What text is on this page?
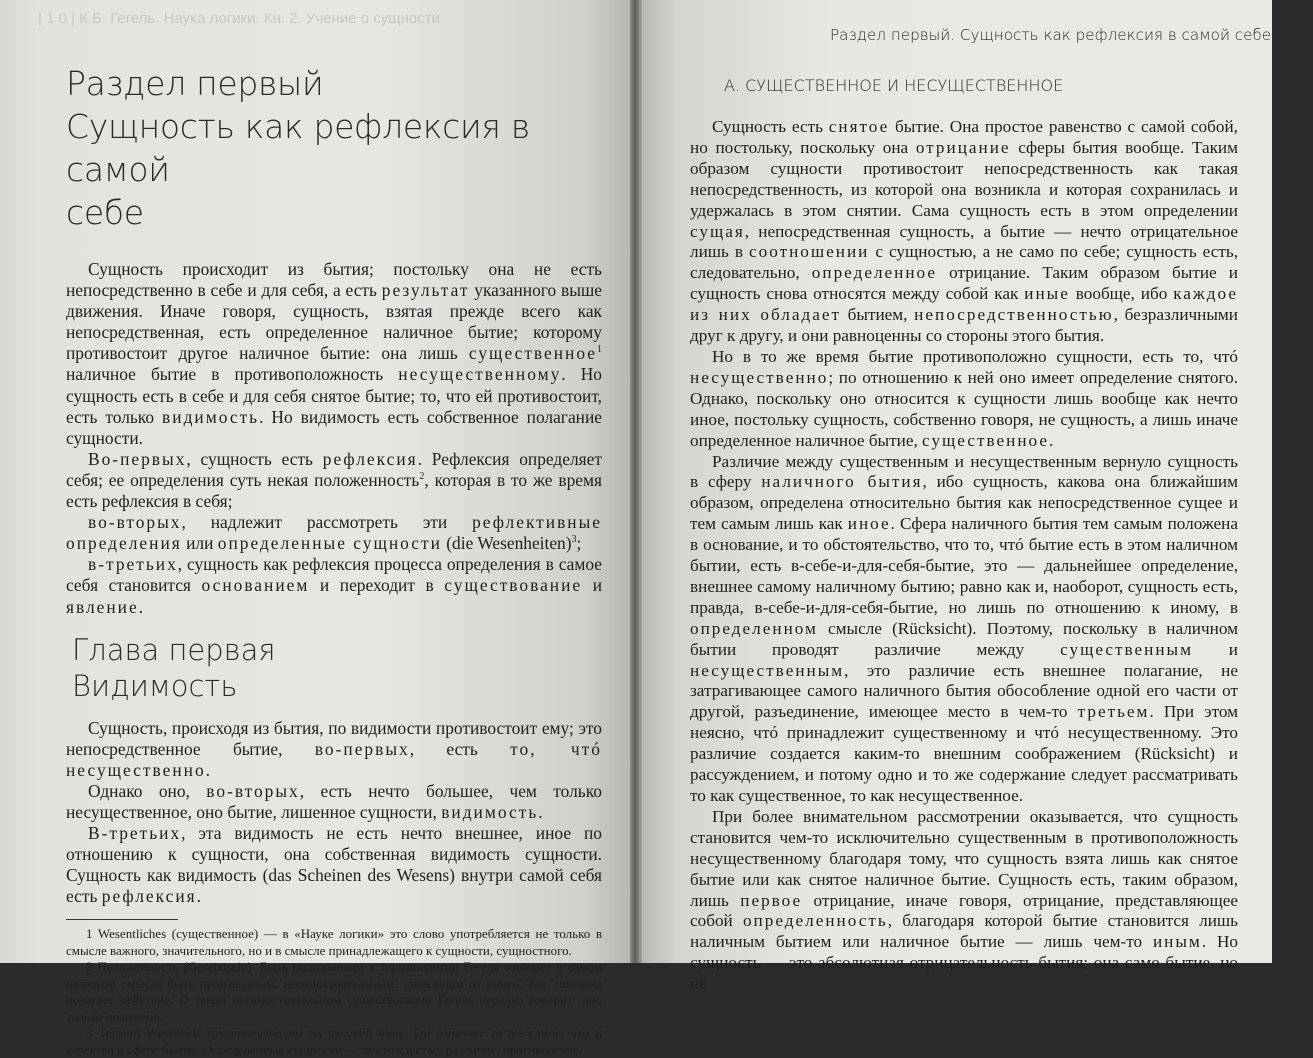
| 1 0 | К.Б. Гегель. Наука логики. Кн. 2. Учение о сущности
Раздел первый
Сущность как рефлексия в самой
себе

Сущность происходит из бытия; постольку она не есть непосредственно в себе и для себя, а есть результат указанного выше движения. Иначе говоря, сущность, взятая прежде всего как непосредственная, есть определенное наличное бытие; которому противостоит другое наличное бытие: она лишь существенное$^1$ наличное бытие в противоположность несущественному. Но сущность есть в себе и для себя снятое бытие; то, что ей противостоит, есть только видимость. Но видимость есть собственное полагание сущности.

Во-первых, сущность есть рефлексия. Рефлексия определяет себя; ее определения суть некая положенность$^2$, которая в то же время есть рефлексия в себя;

во-вторых, надлежит рассмотреть эти рефлективные определения или определенные сущности (die Wesenheiten)$^3$;

в-третьих, сущность как рефлексия процесса определения в самое себя становится основанием и переходит в существование и явление.

Глава первая
Видимость

Сущность, происходя из бытия, по видимости противостоит ему; это непосредственное бытие, во-первых, есть то, чтó несущественно.

Однако оно, во-вторых, есть нечто большее, чем только несущественное, оно бытие, лишенное сущности, видимость.

В-третьих, эта видимость не есть нечто внешнее, иное по отношению к сущности, она собственная видимость сущности. Сущность как видимость (das Scheinen des Wesens) внутри самой себя есть рефлексия.

1 Wesentliches (существенное) — в «Науке логики» это слово употребляется не только в смысле важного, значительного, но и в смысле принадлежащего к сущности, сущностного.

2 Положенность (Gesetztsein). Быть положенным в терминологии Гегеля означает в самом широком смысле быть производным, несамостоятельным, зависящим от иного. Так, причина полагает действие. О таком несамостоятельном существовании Гегель нередко говорит: оно только положено.

3 Термин Wesenheit труднопереводим на русский язык. Он означает то же самое, что и качество в сфере бытия. Определенные сущности — это тождество, различие, противоречие.

Раздел первый. Сущность как рефлексия в самой себе | 11
А. СУЩЕСТВЕННОЕ И НЕСУЩЕСТВЕННОЕ

Сущность есть снятое бытие. Она простое равенство с самой собой, но постольку, поскольку она отрицание сферы бытия вообще. Таким образом сущности противостоит непосредственность как такая непосредственность, из которой она возникла и которая сохранилась и удержалась в этом снятии. Сама сущность есть в этом определении сущая, непосредственная сущность, а бытие — нечто отрицательное лишь в соотношении с сущностью, а не само по себе; сущность есть, следовательно, определенное отрицание. Таким образом бытие и сущность снова относятся между собой как иные вообще, ибо каждое из них обладает бытием, непосредственностью, безразличными друг к другу, и они равноценны со стороны этого бытия.

Но в то же время бытие противоположно сущности, есть то, чтó несущественно; по отношению к ней оно имеет определение снятого. Однако, поскольку оно относится к сущности лишь вообще как нечто иное, постольку сущность, собственно говоря, не сущность, а лишь иначе определенное наличное бытие, существенное.

Различие между существенным и несущественным вернуло сущность в сферу наличного бытия, ибо сущность, какова она ближайшим образом, определена относительно бытия как непосредственное сущее и тем самым лишь как иное. Сфера наличного бытия тем самым положена в основание, и то обстоятельство, что то, чтó бытие есть в этом наличном бытии, есть в-себе-и-для-себя-бытие, это — дальнейшее определение, внешнее самому наличному бытию; равно как и, наоборот, сущность есть, правда, в-себе-и-для-себя-бытие, но лишь по отношению к иному, в определенном смысле (Rücksicht). Поэтому, поскольку в наличном бытии проводят различие между существенным и несущественным, это различие есть внешнее полагание, не затрагивающее самого наличного бытия обособление одной его части от другой, разъединение, имеющее место в чем-то третьем. При этом неясно, чтó принадлежит существенному и чтó несущественному. Это различие создается каким-то внешним соображением (Rücksicht) и рассуждением, и потому одно и то же содержание следует рассматривать то как существенное, то как несущественное.

При более внимательном рассмотрении оказывается, что сущность становится чем-то исключительно существенным в противоположность несущественному благодаря тому, что сущность взята лишь как снятое бытие или как снятое наличное бытие. Сущность есть, таким образом, лишь первое отрицание, иначе говоря, отрицание, представляющее собой определенность, благодаря которой бытие становится лишь наличным бытием или наличное бытие — лишь чем-то иным. Но сущность — это абсолютная отрицательность бытия; она само бытие, но не
